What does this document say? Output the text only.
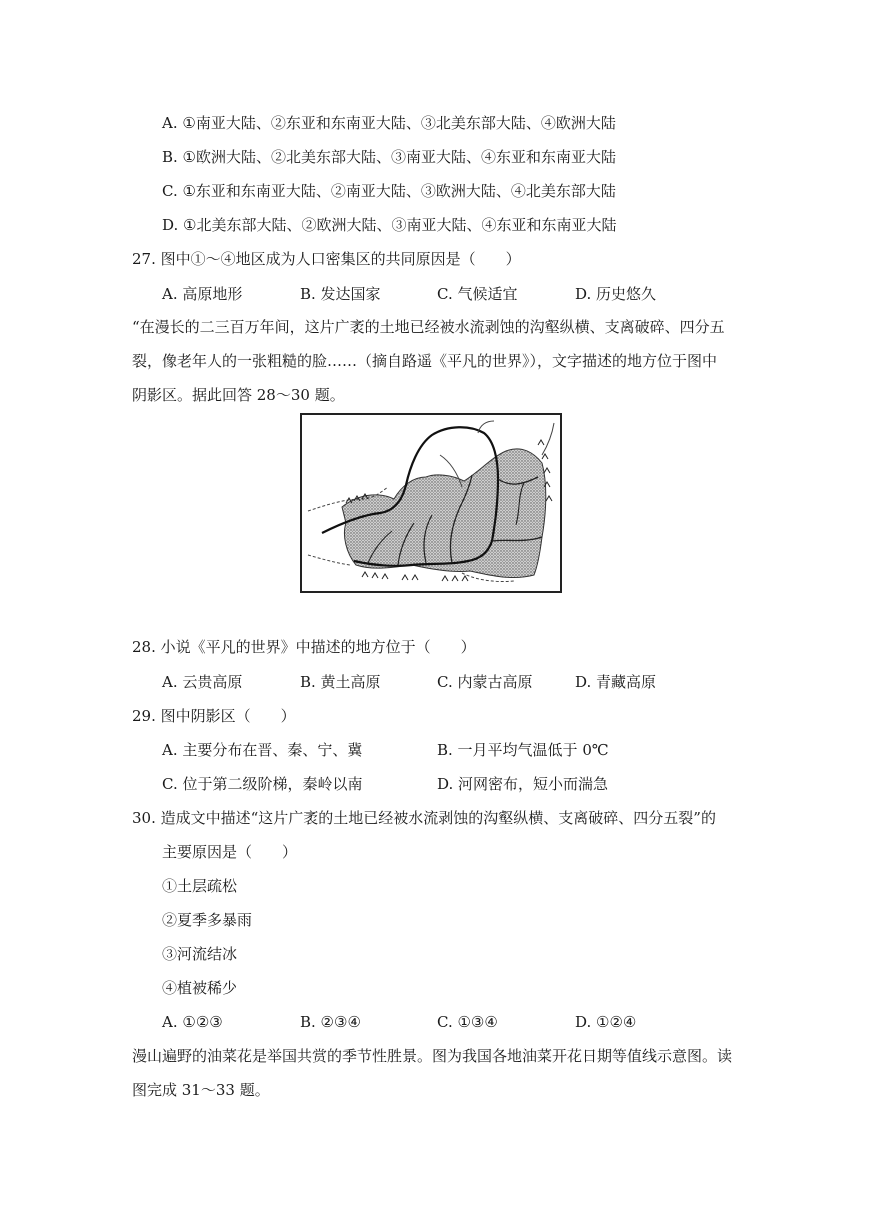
A. ①南亚大陆、②东亚和东南亚大陆、③北美东部大陆、④欧洲大陆
B. ①欧洲大陆、②北美东部大陆、③南亚大陆、④东亚和东南亚大陆
C. ①东亚和东南亚大陆、②南亚大陆、③欧洲大陆、④北美东部大陆
D. ①北美东部大陆、②欧洲大陆、③南亚大陆、④东亚和东南亚大陆
27. 图中①～④地区成为人口密集区的共同原因是（　　）
A. 高原地形	B. 发达国家	C. 气候适宜	D. 历史悠久
“在漫长的二三百万年间，这片广袤的土地已经被水流剥蚀的沟壑纵横、支离破碎、四分五
裂，像老年人的一张粗糙的脸……（摘自路遥《平凡的世界》），文字描述的地方位于图中
阴影区。据此回答 28～30 题。
28. 小说《平凡的世界》中描述的地方位于（　　）
A. 云贵高原	B. 黄土高原	C. 内蒙古高原	D. 青藏高原
29. 图中阴影区（　　）
A. 主要分布在晋、秦、宁、冀	B. 一月平均气温低于 0℃
C. 位于第二级阶梯，秦岭以南	D. 河网密布，短小而湍急
30. 造成文中描述“这片广袤的土地已经被水流剥蚀的沟壑纵横、支离破碎、四分五裂”的
主要原因是（　　）
①土层疏松
②夏季多暴雨
③河流结冰
④植被稀少
A. ①②③	B. ②③④	C. ①③④	D. ①②④
漫山遍野的油菜花是举国共赏的季节性胜景。图为我国各地油菜开花日期等值线示意图。读
图完成 31～33 题。
